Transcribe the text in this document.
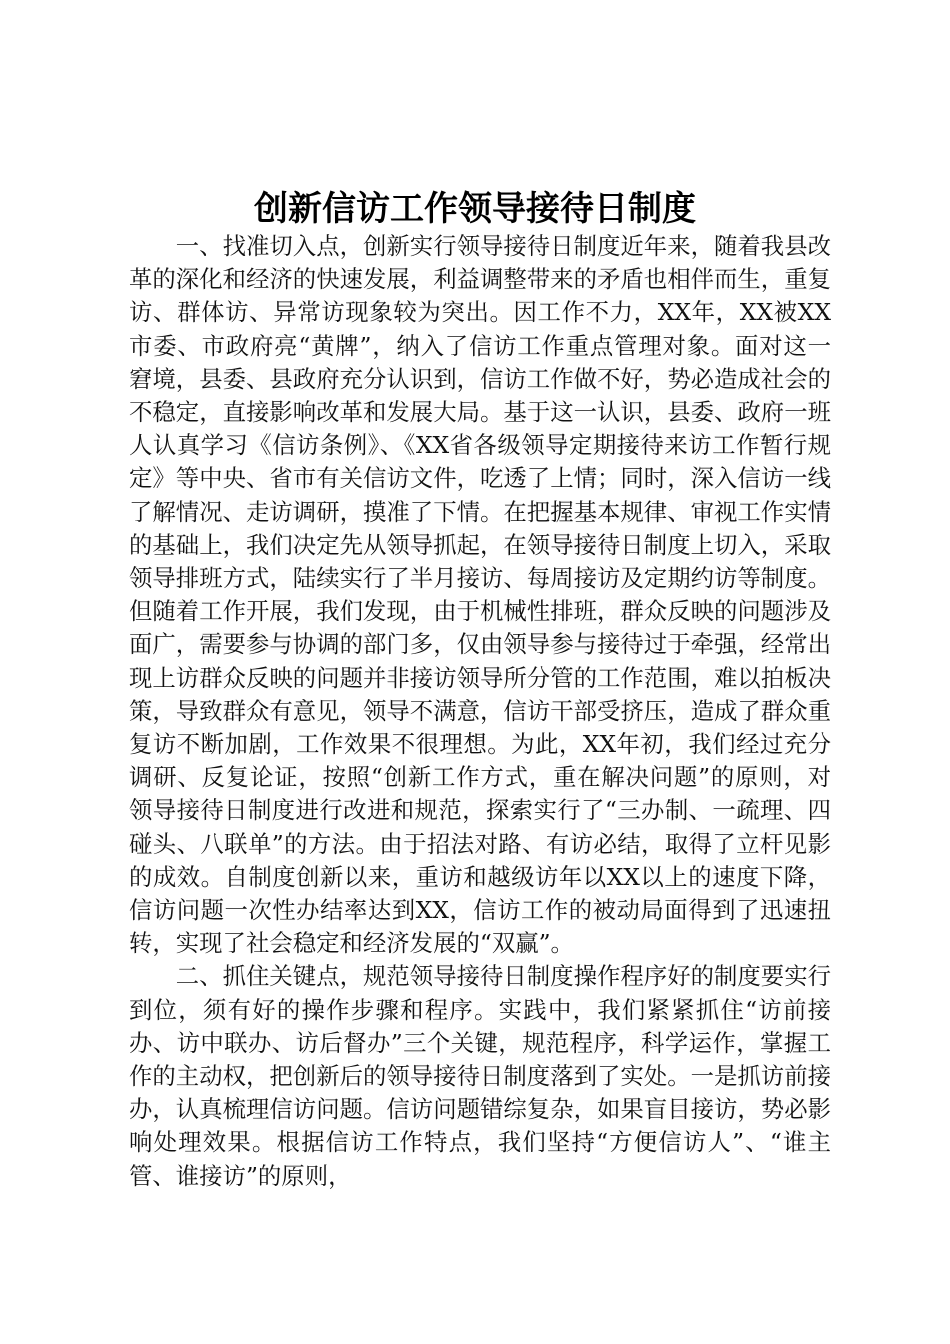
创新信访工作领导接待日制度

一、找准切入点，创新实行领导接待日制度近年来，随着我县改革的深化和经济的快速发展，利益调整带来的矛盾也相伴而生，重复访、群体访、异常访现象较为突出。因工作不力，XX年，XX被XX市委、市政府亮“黄牌”，纳入了信访工作重点管理对象。面对这一窘境，县委、县政府充分认识到，信访工作做不好，势必造成社会的不稳定，直接影响改革和发展大局。基于这一认识，县委、政府一班人认真学习《信访条例》、《XX省各级领导定期接待来访工作暂行规定》等中央、省市有关信访文件，吃透了上情；同时，深入信访一线了解情况、走访调研，摸准了下情。在把握基本规律、审视工作实情的基础上，我们决定先从领导抓起，在领导接待日制度上切入，采取领导排班方式，陆续实行了半月接访、每周接访及定期约访等制度。但随着工作开展，我们发现，由于机械性排班，群众反映的问题涉及面广，需要参与协调的部门多，仅由领导参与接待过于牵强，经常出现上访群众反映的问题并非接访领导所分管的工作范围，难以拍板决策，导致群众有意见，领导不满意，信访干部受挤压，造成了群众重复访不断加剧，工作效果不很理想。为此，XX年初，我们经过充分调研、反复论证，按照“创新工作方式，重在解决问题”的原则，对领导接待日制度进行改进和规范，探索实行了“三办制、一疏理、四碰头、八联单”的方法。由于招法对路、有访必结，取得了立杆见影的成效。自制度创新以来，重访和越级访年以XX以上的速度下降，信访问题一次性办结率达到XX，信访工作的被动局面得到了迅速扭转，实现了社会稳定和经济发展的“双赢”。

二、抓住关键点，规范领导接待日制度操作程序好的制度要实行到位，须有好的操作步骤和程序。实践中，我们紧紧抓住“访前接办、访中联办、访后督办”三个关键，规范程序，科学运作，掌握工作的主动权，把创新后的领导接待日制度落到了实处。一是抓访前接办，认真梳理信访问题。信访问题错综复杂，如果盲目接访，势必影响处理效果。根据信访工作特点，我们坚持“方便信访人”、“谁主管、谁接访”的原则，
